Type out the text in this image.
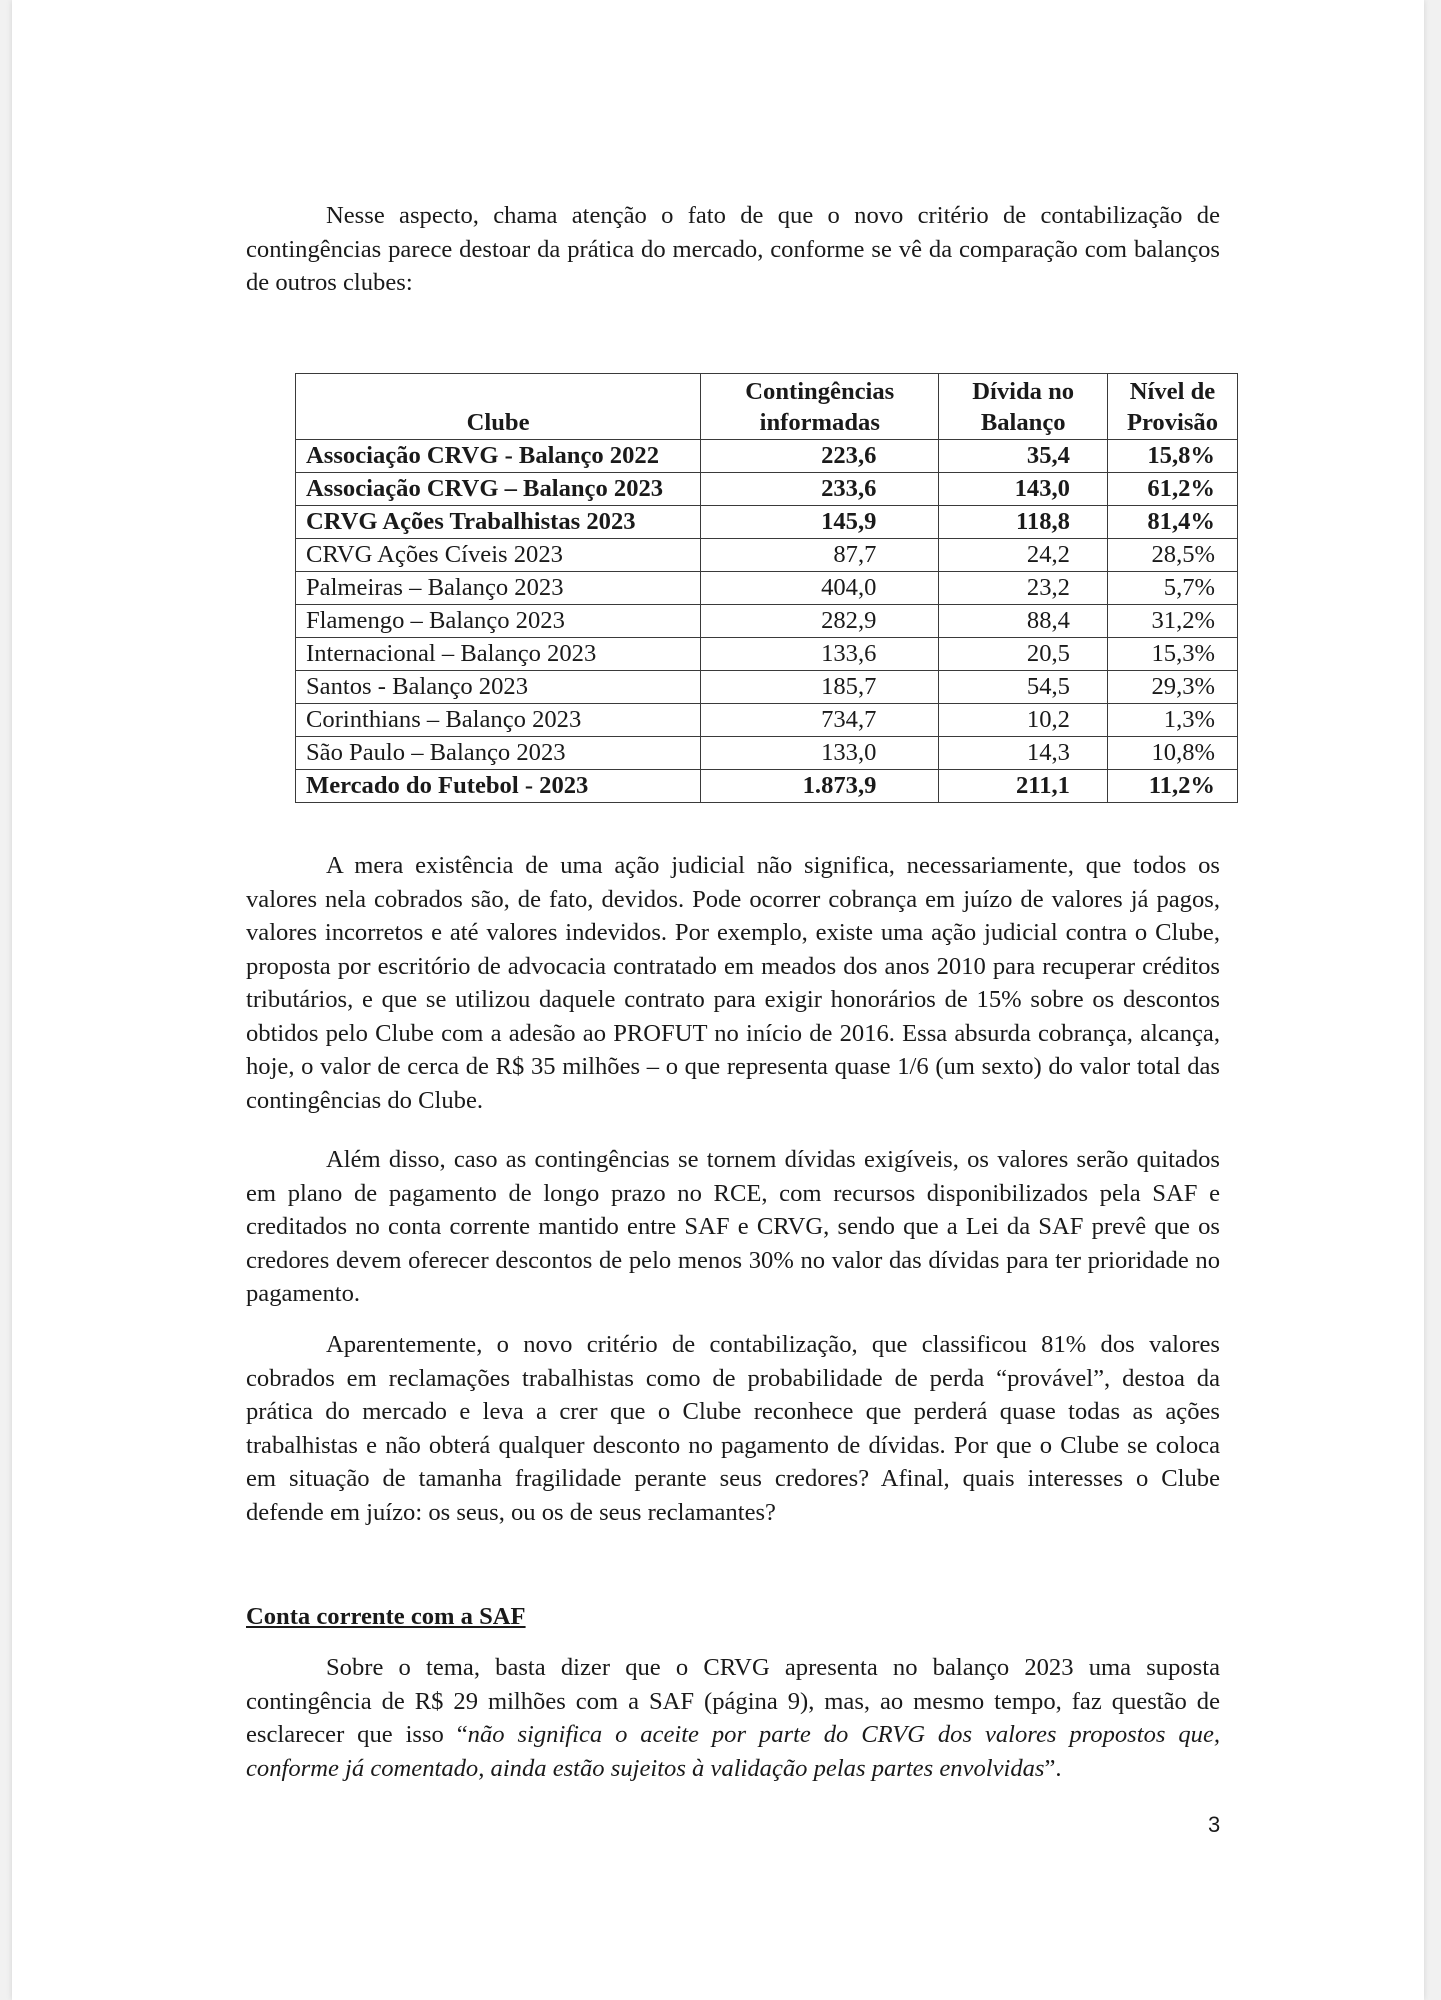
Nesse aspecto, chama atenção o fato de que o novo critério de contabilização de contingências parece destoar da prática do mercado, conforme se vê da comparação com balanços de outros clubes:

Clube	Contingências informadas	Dívida no Balanço	Nível de Provisão
Associação CRVG - Balanço 2022	223,6	35,4	15,8%
Associação CRVG – Balanço 2023	233,6	143,0	61,2%
CRVG Ações Trabalhistas 2023	145,9	118,8	81,4%
CRVG Ações Cíveis 2023	87,7	24,2	28,5%
Palmeiras – Balanço 2023	404,0	23,2	5,7%
Flamengo – Balanço 2023	282,9	88,4	31,2%
Internacional – Balanço 2023	133,6	20,5	15,3%
Santos - Balanço 2023	185,7	54,5	29,3%
Corinthians – Balanço 2023	734,7	10,2	1,3%
São Paulo – Balanço 2023	133,0	14,3	10,8%
Mercado do Futebol - 2023	1.873,9	211,1	11,2%

A mera existência de uma ação judicial não significa, necessariamente, que todos os valores nela cobrados são, de fato, devidos. Pode ocorrer cobrança em juízo de valores já pagos, valores incorretos e até valores indevidos. Por exemplo, existe uma ação judicial contra o Clube, proposta por escritório de advocacia contratado em meados dos anos 2010 para recuperar créditos tributários, e que se utilizou daquele contrato para exigir honorários de 15% sobre os descontos obtidos pelo Clube com a adesão ao PROFUT no início de 2016. Essa absurda cobrança, alcança, hoje, o valor de cerca de R$ 35 milhões – o que representa quase 1/6 (um sexto) do valor total das contingências do Clube.

Além disso, caso as contingências se tornem dívidas exigíveis, os valores serão quitados em plano de pagamento de longo prazo no RCE, com recursos disponibilizados pela SAF e creditados no conta corrente mantido entre SAF e CRVG, sendo que a Lei da SAF prevê que os credores devem oferecer descontos de pelo menos 30% no valor das dívidas para ter prioridade no pagamento.

Aparentemente, o novo critério de contabilização, que classificou 81% dos valores cobrados em reclamações trabalhistas como de probabilidade de perda “provável”, destoa da prática do mercado e leva a crer que o Clube reconhece que perderá quase todas as ações trabalhistas e não obterá qualquer desconto no pagamento de dívidas. Por que o Clube se coloca em situação de tamanha fragilidade perante seus credores? Afinal, quais interesses o Clube defende em juízo: os seus, ou os de seus reclamantes?

Conta corrente com a SAF

Sobre o tema, basta dizer que o CRVG apresenta no balanço 2023 uma suposta contingência de R$ 29 milhões com a SAF (página 9), mas, ao mesmo tempo, faz questão de esclarecer que isso “não significa o aceite por parte do CRVG dos valores propostos que, conforme já comentado, ainda estão sujeitos à validação pelas partes envolvidas”.

3
